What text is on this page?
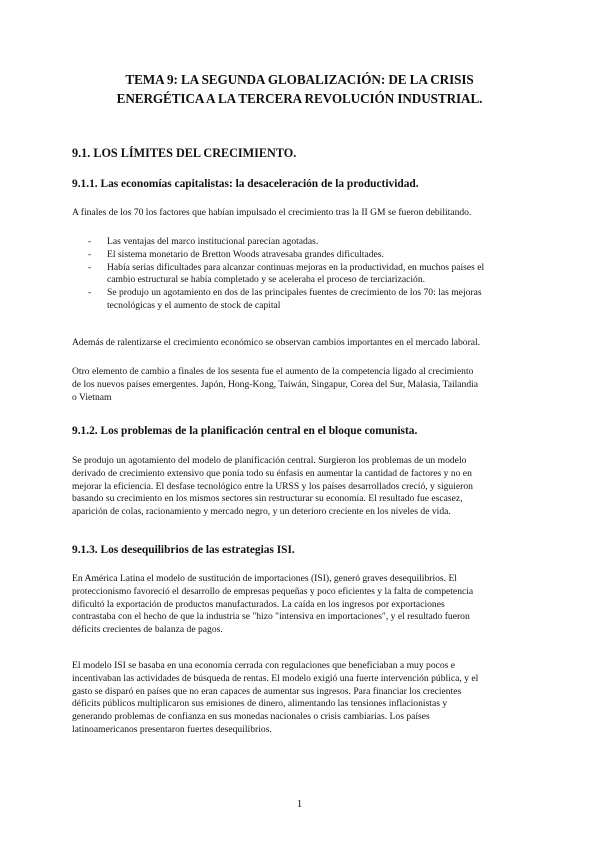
TEMA 9: LA SEGUNDA GLOBALIZACIÓN: DE LA CRISIS
ENERGÉTICA A LA TERCERA REVOLUCIÓN INDUSTRIAL.
9.1. LOS LÍMITES DEL CRECIMIENTO.
9.1.1. Las economías capitalistas: la desaceleración de la productividad.
A finales de los 70 los factores que habían impulsado el crecimiento tras la II GM se fueron debilitando.
- Las ventajas del marco institucional parecían agotadas.
- El sistema monetario de Bretton Woods atravesaba grandes dificultades.
- Había serias dificultades para alcanzar continuas mejoras en la productividad, en muchos países el
cambio estructural se había completado y se aceleraba el proceso de terciarización.
- Se produjo un agotamiento en dos de las principales fuentes de crecimiento de los 70: las mejoras
tecnológicas y el aumento de stock de capital
Además de ralentizarse el crecimiento económico se observan cambios importantes en el mercado laboral.
Otro elemento de cambio a finales de los sesenta fue el aumento de la competencia ligado al crecimiento
de los nuevos países emergentes. Japón, Hong-Kong, Taiwán, Singapur, Corea del Sur, Malasia, Tailandia
o Vietnam
9.1.2. Los problemas de la planificación central en el bloque comunista.
Se produjo un agotamiento del modelo de planificación central. Surgieron los problemas de un modelo
derivado de crecimiento extensivo que ponía todo su énfasis en aumentar la cantidad de factores y no en
mejorar la eficiencia. El desfase tecnológico entre la URSS y los países desarrollados creció, y siguieron
basando su crecimiento en los mismos sectores sin restructurar su economía. El resultado fue escasez,
aparición de colas, racionamiento y mercado negro, y un deterioro creciente en los niveles de vida.
9.1.3. Los desequilibrios de las estrategias ISI.
En América Latina el modelo de sustitución de importaciones (ISI), generó graves desequilibrios. El
proteccionismo favoreció el desarrollo de empresas pequeñas y poco eficientes y la falta de competencia
dificultó la exportación de productos manufacturados. La caída en los ingresos por exportaciones
contrastaba con el hecho de que la industria se "hizo "intensiva en importaciones", y el resultado fueron
déficits crecientes de balanza de pagos.
El modelo ISI se basaba en una economía cerrada con regulaciones que beneficiaban a muy pocos e
incentivaban las actividades de búsqueda de rentas. El modelo exigió una fuerte intervención pública, y el
gasto se disparó en países que no eran capaces de aumentar sus ingresos. Para financiar los crecientes
déficits públicos multiplicaron sus emisiones de dinero, alimentando las tensiones inflacionistas y
generando problemas de confianza en sus monedas nacionales o crisis cambiarias. Los países
latinoamericanos presentaron fuertes desequilibrios.
1
